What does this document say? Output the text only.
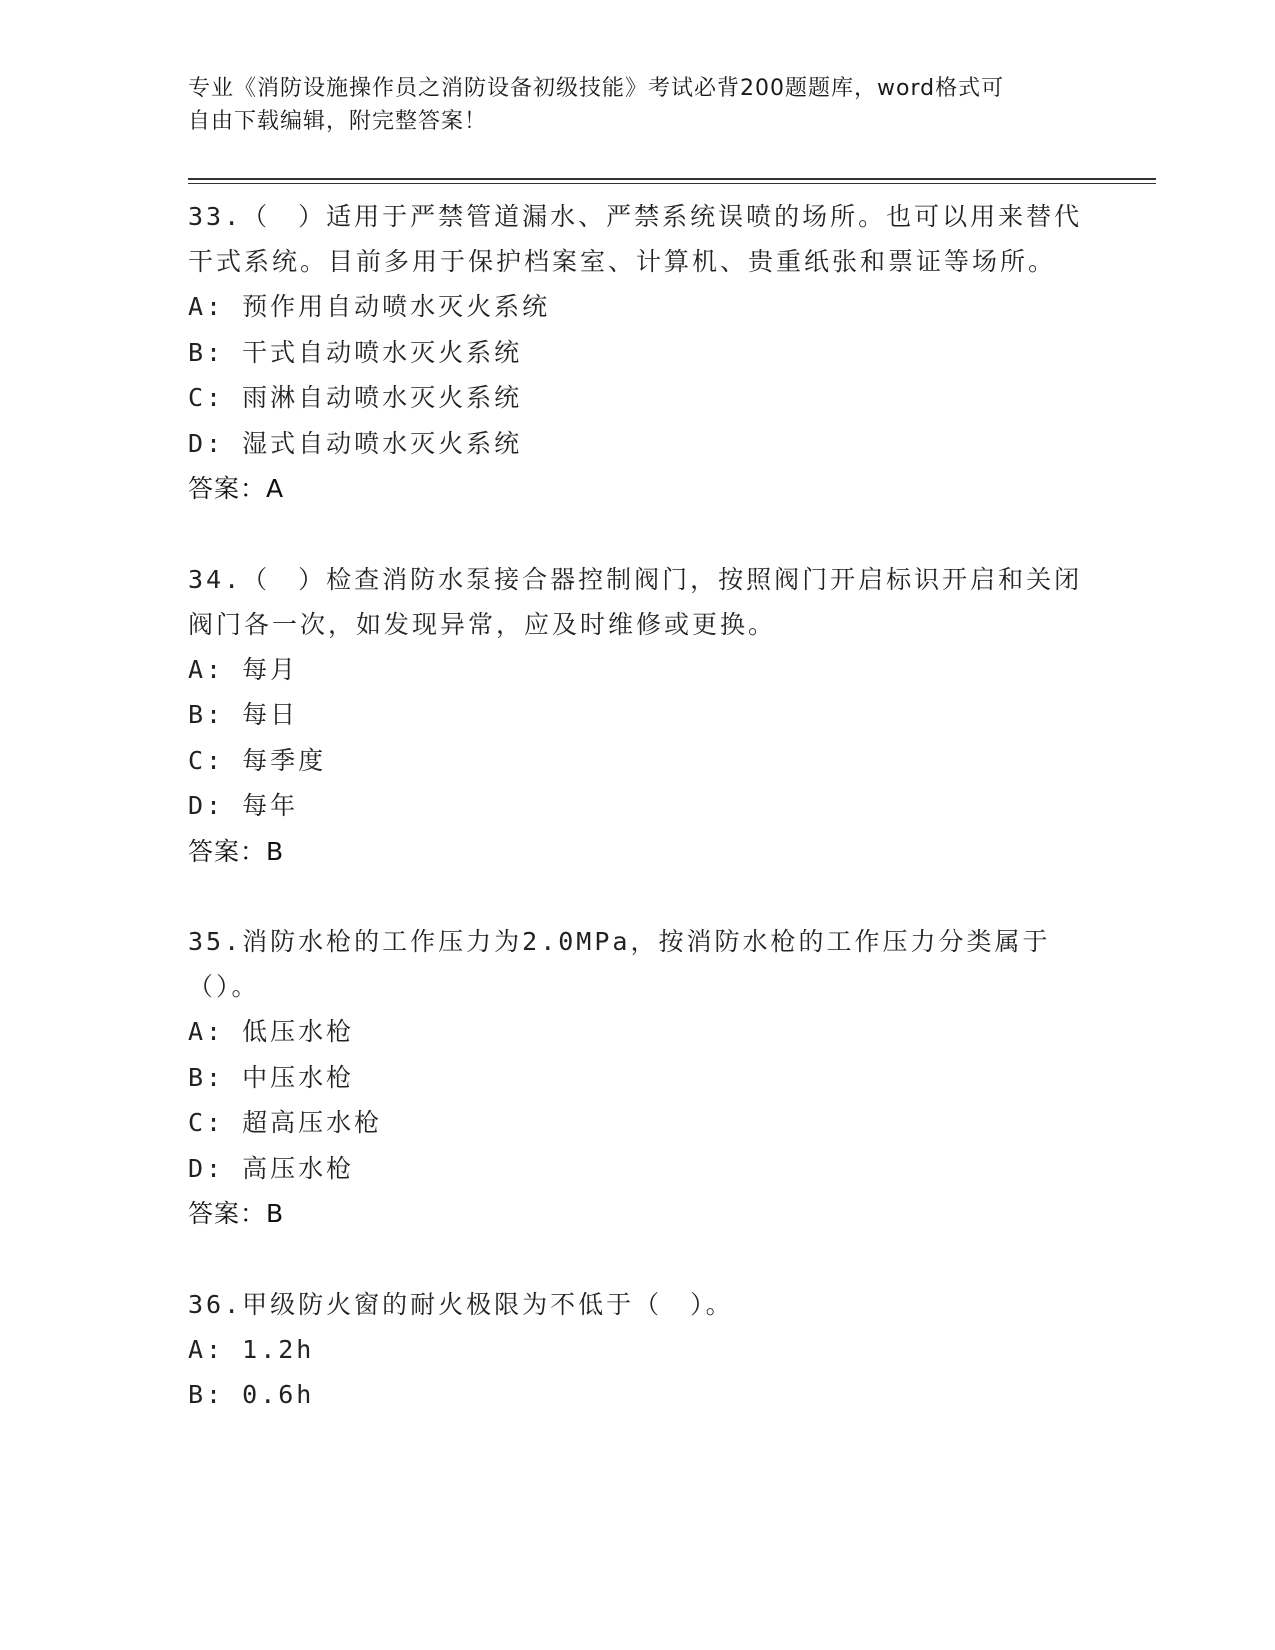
专业《消防设施操作员之消防设备初级技能》考试必背200题题库，word格式可
自由下载编辑，附完整答案！

33.（　）适用于严禁管道漏水、严禁系统误喷的场所。也可以用来替代干式系统。目前多用于保护档案室、计算机、贵重纸张和票证等场所。

A: 预作用自动喷水灭火系统

B: 干式自动喷水灭火系统

C: 雨淋自动喷水灭火系统

D: 湿式自动喷水灭火系统

答案：A

34.（　）检查消防水泵接合器控制阀门，按照阀门开启标识开启和关闭阀门各一次，如发现异常，应及时维修或更换。

A: 每月

B: 每日

C: 每季度

D: 每年

答案：B

35.消防水枪的工作压力为2.0MPa，按消防水枪的工作压力分类属于（）。

A: 低压水枪

B: 中压水枪

C: 超高压水枪

D: 高压水枪

答案：B

36.甲级防火窗的耐火极限为不低于（　）。

A: 1.2h

B: 0.6h
